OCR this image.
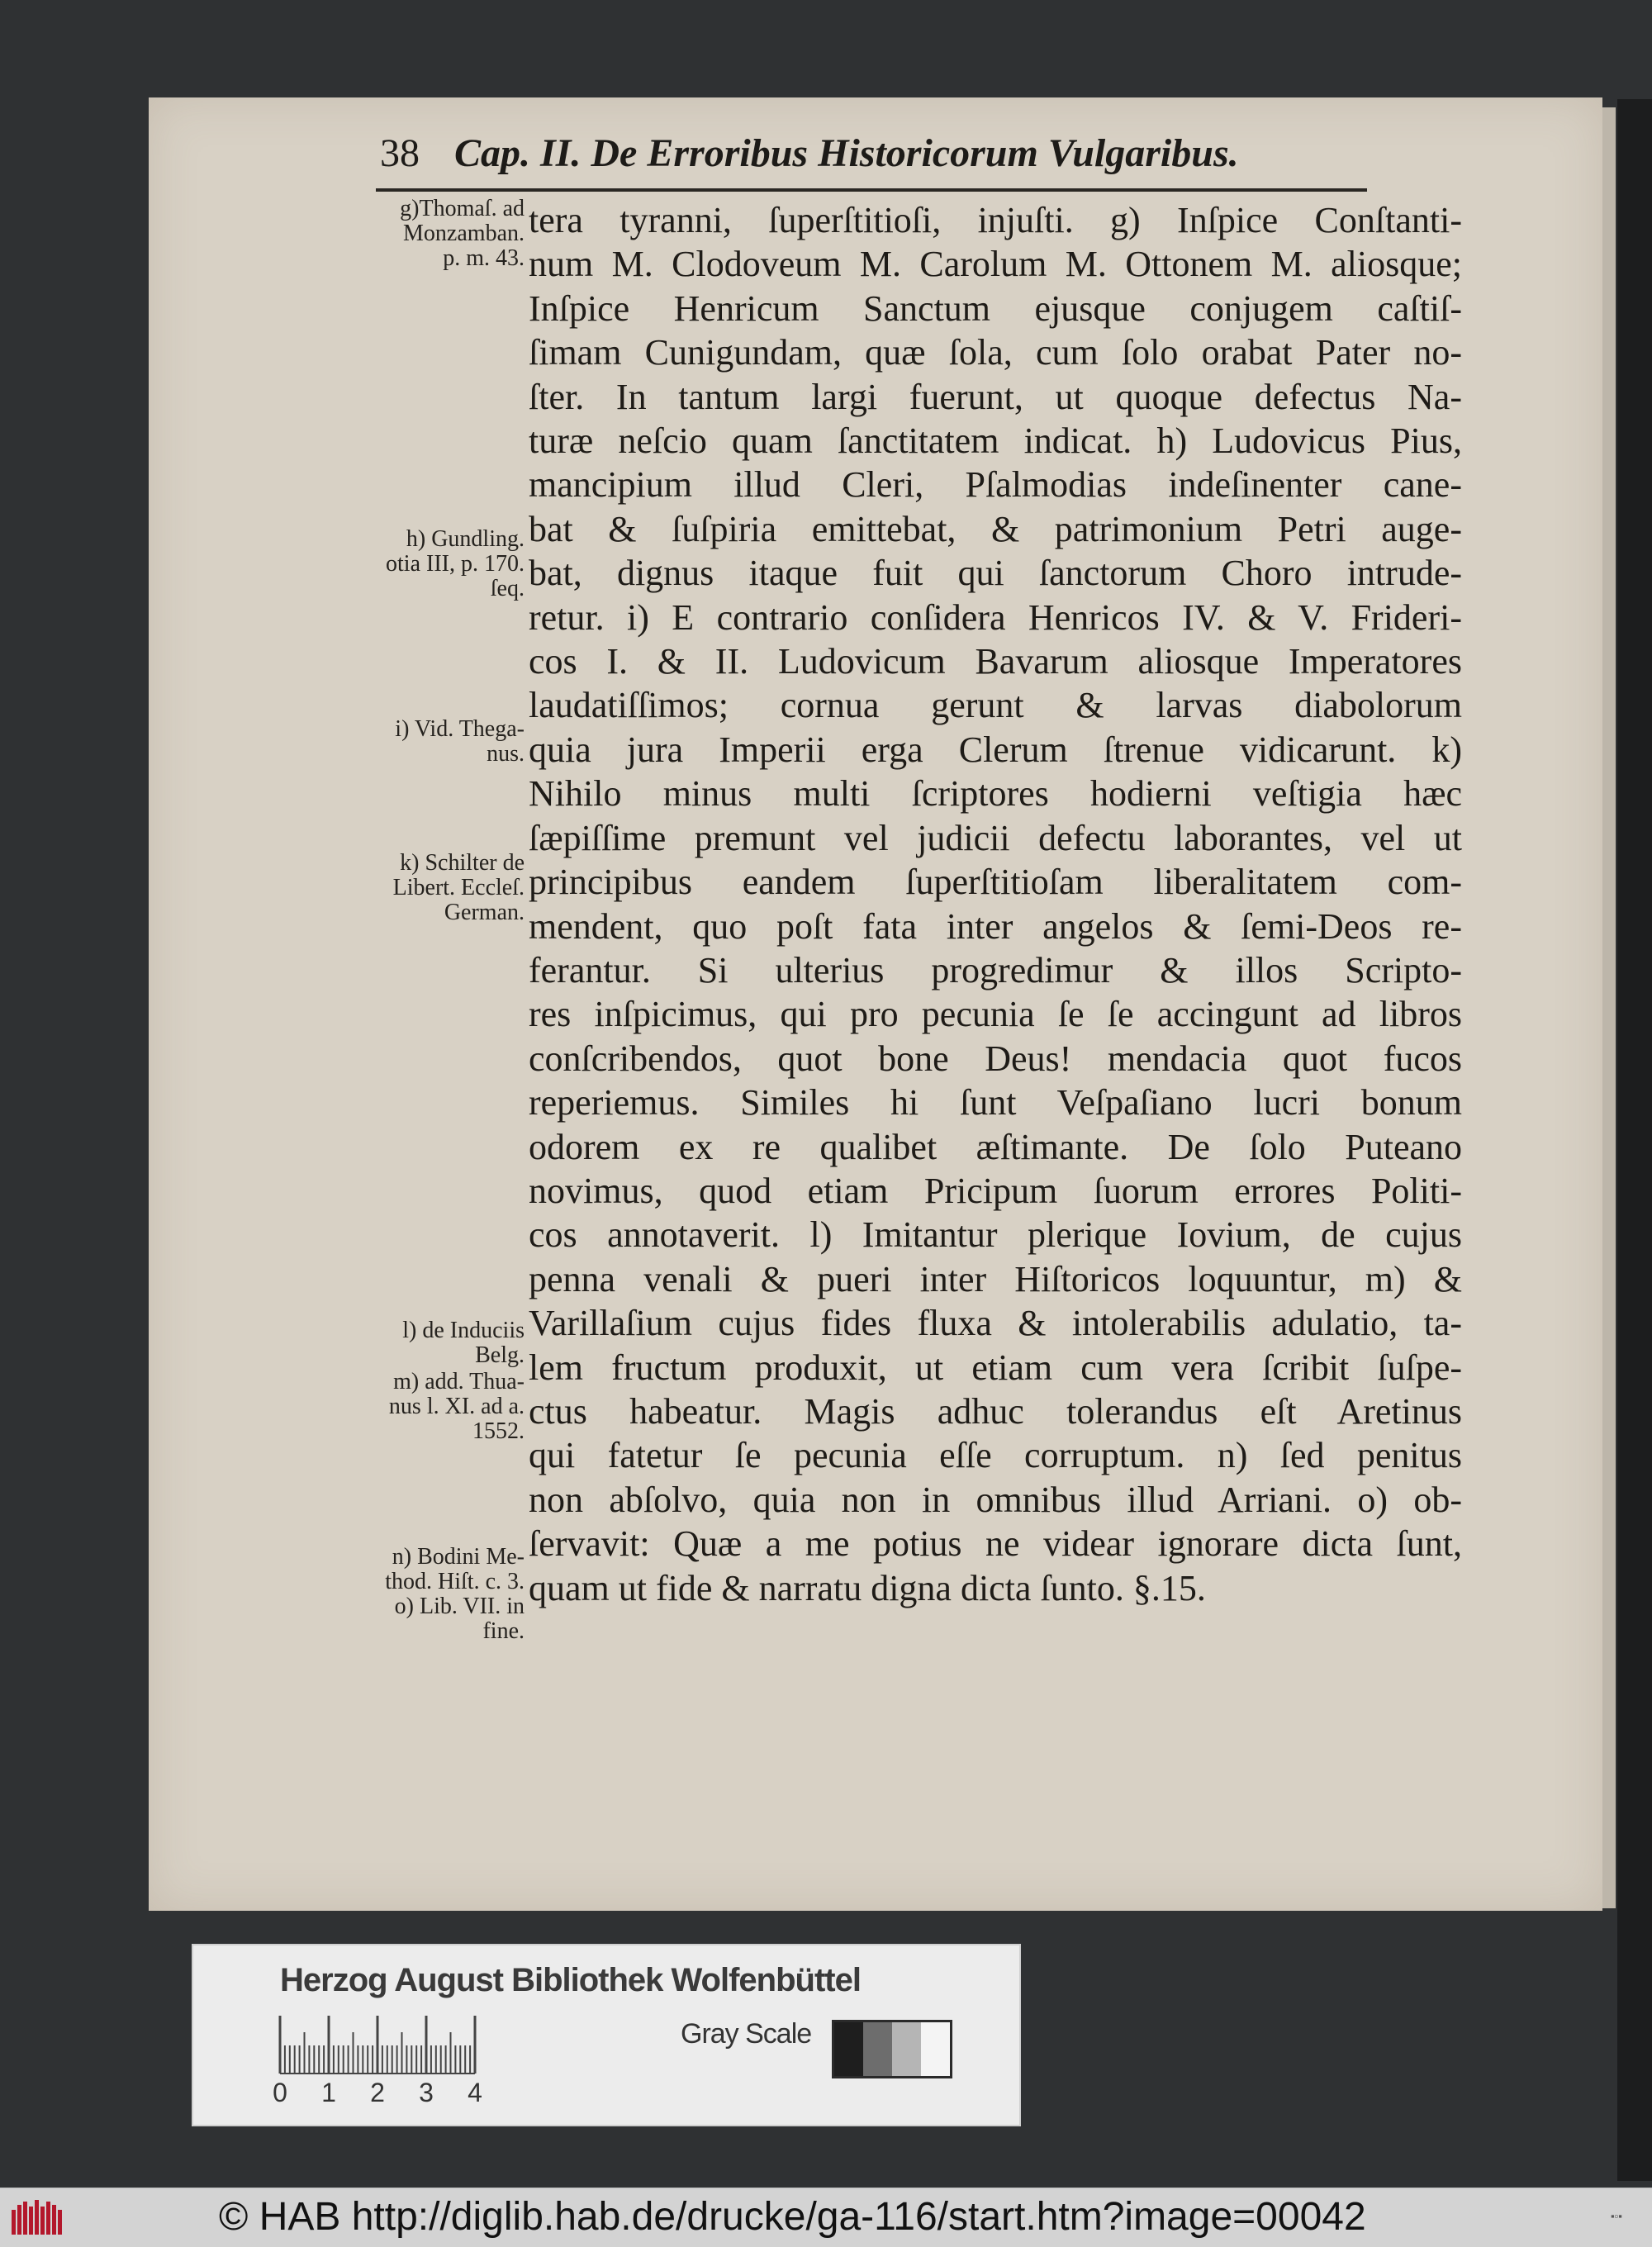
38 Cap. II. De Erroribus Historicorum Vulgaribus.
g)Thomaſ. ad
Monzamban.
p. m. 43.
h) Gundling.
otia III, p. 170.
ſeq.
i) Vid. Thega-
nus.
k) Schilter de
Libert. Eccleſ.
German.
l) de Induciis
Belg.
m) add. Thua-
nus l. XI. ad a.
1552.
n) Bodini Me-
thod. Hiſt. c. 3.
o) Lib. VII. in
fine.
tera tyranni, ſuperſtitioſi, injuſti. g) Inſpice Conſtanti-
num M. Clodoveum M. Carolum M. Ottonem M. aliosque;
Inſpice Henricum Sanctum ejusque conjugem caſtiſ-
ſimam Cunigundam, quæ ſola, cum ſolo orabat Pater no-
ſter. In tantum largi fuerunt, ut quoque defectus Na-
turæ neſcio quam ſanctitatem indicat. h) Ludovicus Pius,
mancipium illud Cleri, Pſalmodias indeſinenter cane-
bat & ſuſpiria emittebat, & patrimonium Petri auge-
bat, dignus itaque fuit qui ſanctorum Choro intrude-
retur. i) E contrario conſidera Henricos IV. & V. Frideri-
cos I. & II. Ludovicum Bavarum aliosque Imperatores
laudatiſſimos; cornua gerunt & larvas diabolorum
quia jura Imperii erga Clerum ſtrenue vidicarunt. k)
Nihilo minus multi ſcriptores hodierni veſtigia hæc
ſæpiſſime premunt vel judicii defectu laborantes, vel ut
principibus eandem ſuperſtitioſam liberalitatem com-
mendent, quo poſt fata inter angelos & ſemi-Deos re-
ferantur. Si ulterius progredimur & illos Scripto-
res inſpicimus, qui pro pecunia ſe ſe accingunt ad libros
conſcribendos, quot bone Deus! mendacia quot fucos
reperiemus. Similes hi ſunt Veſpaſiano lucri bonum
odorem ex re qualibet æſtimante. De ſolo Puteano
novimus, quod etiam Pricipum ſuorum errores Politi-
cos annotaverit. l) Imitantur plerique Iovium, de cujus
penna venali & pueri inter Hiſtoricos loquuntur, m) &
Varillaſium cujus fides fluxa & intolerabilis adulatio, ta-
lem fructum produxit, ut etiam cum vera ſcribit ſuſpe-
ctus habeatur. Magis adhuc tolerandus eſt Aretinus
qui fatetur ſe pecunia eſſe corruptum. n) ſed penitus
non abſolvo, quia non in omnibus illud Arriani. o) ob-
ſervavit: Quæ a me potius ne videar ignorare dicta ſunt,
quam ut fide & narratu digna dicta ſunto. §.15.
Herzog August Bibliothek Wolfenbüttel
0 1 2 3 4
Gray Scale
© HAB http://diglib.hab.de/drucke/ga-116/start.htm?image=00042	▪▫▪
